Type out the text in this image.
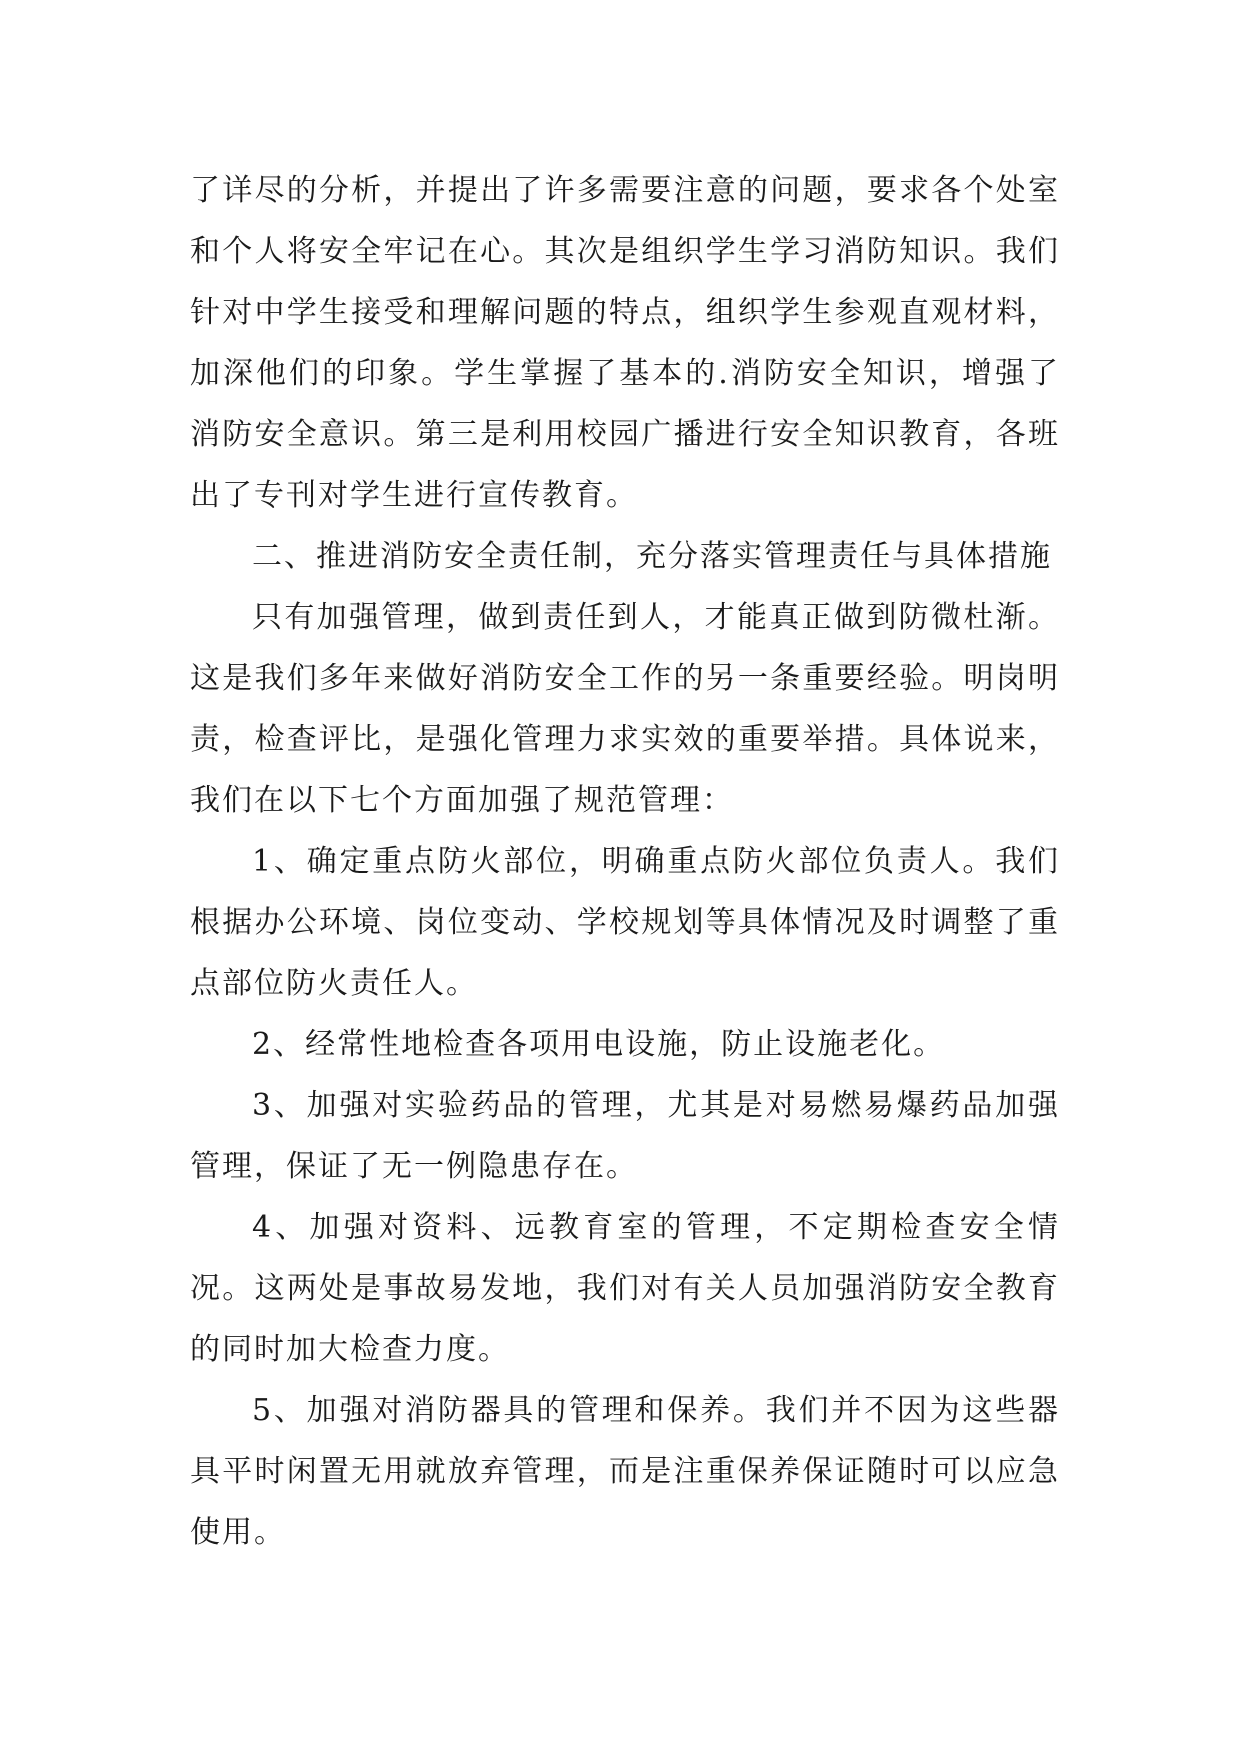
了详尽的分析，并提出了许多需要注意的问题，要求各个处室和个人将安全牢记在心。其次是组织学生学习消防知识。我们针对中学生接受和理解问题的特点，组织学生参观直观材料，加深他们的印象。学生掌握了基本的.消防安全知识，增强了消防安全意识。第三是利用校园广播进行安全知识教育，各班出了专刊对学生进行宣传教育。

二、推进消防安全责任制，充分落实管理责任与具体措施

只有加强管理，做到责任到人，才能真正做到防微杜渐。这是我们多年来做好消防安全工作的另一条重要经验。明岗明责，检查评比，是强化管理力求实效的重要举措。具体说来，我们在以下七个方面加强了规范管理：

1、确定重点防火部位，明确重点防火部位负责人。我们根据办公环境、岗位变动、学校规划等具体情况及时调整了重点部位防火责任人。

2、经常性地检查各项用电设施，防止设施老化。

3、加强对实验药品的管理，尤其是对易燃易爆药品加强管理，保证了无一例隐患存在。

4、加强对资料、远教育室的管理，不定期检查安全情况。这两处是事故易发地，我们对有关人员加强消防安全教育的同时加大检查力度。

5、加强对消防器具的管理和保养。我们并不因为这些器具平时闲置无用就放弃管理，而是注重保养保证随时可以应急使用。
